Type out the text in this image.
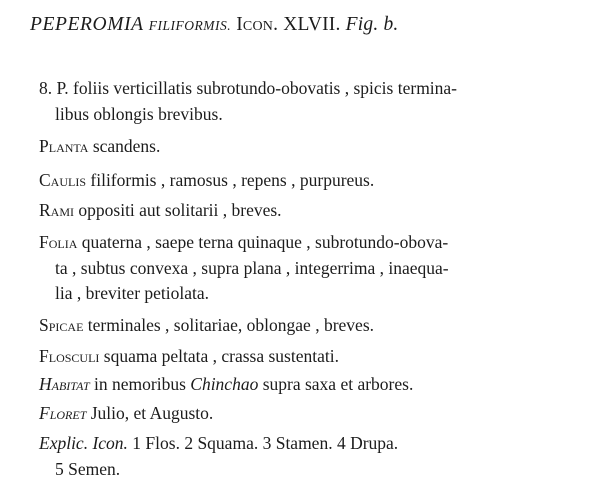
PEPEROMIA FILIFORMIS. Icon. XLVII. Fig. b.
8. P. foliis verticillatis subrotundo-obovatis , spicis termina-
libus oblongis brevibus.
Planta scandens.
Caulis filiformis , ramosus , repens , purpureus.
Rami oppositi aut solitarii , breves.
Folia quaterna , saepe terna quinaque , subrotundo-obova-
ta , subtus convexa , supra plana , integerrima , inaequa-
lia , breviter petiolata.
Spicae terminales , solitariae, oblongae , breves.
Flosculi squama peltata , crassa sustentati.
Habitat in nemoribus Chinchao supra saxa et arbores.
Floret Julio, et Augusto.
Explic. Icon. 1 Flos. 2 Squama. 3 Stamen. 4 Drupa.
5 Semen.
